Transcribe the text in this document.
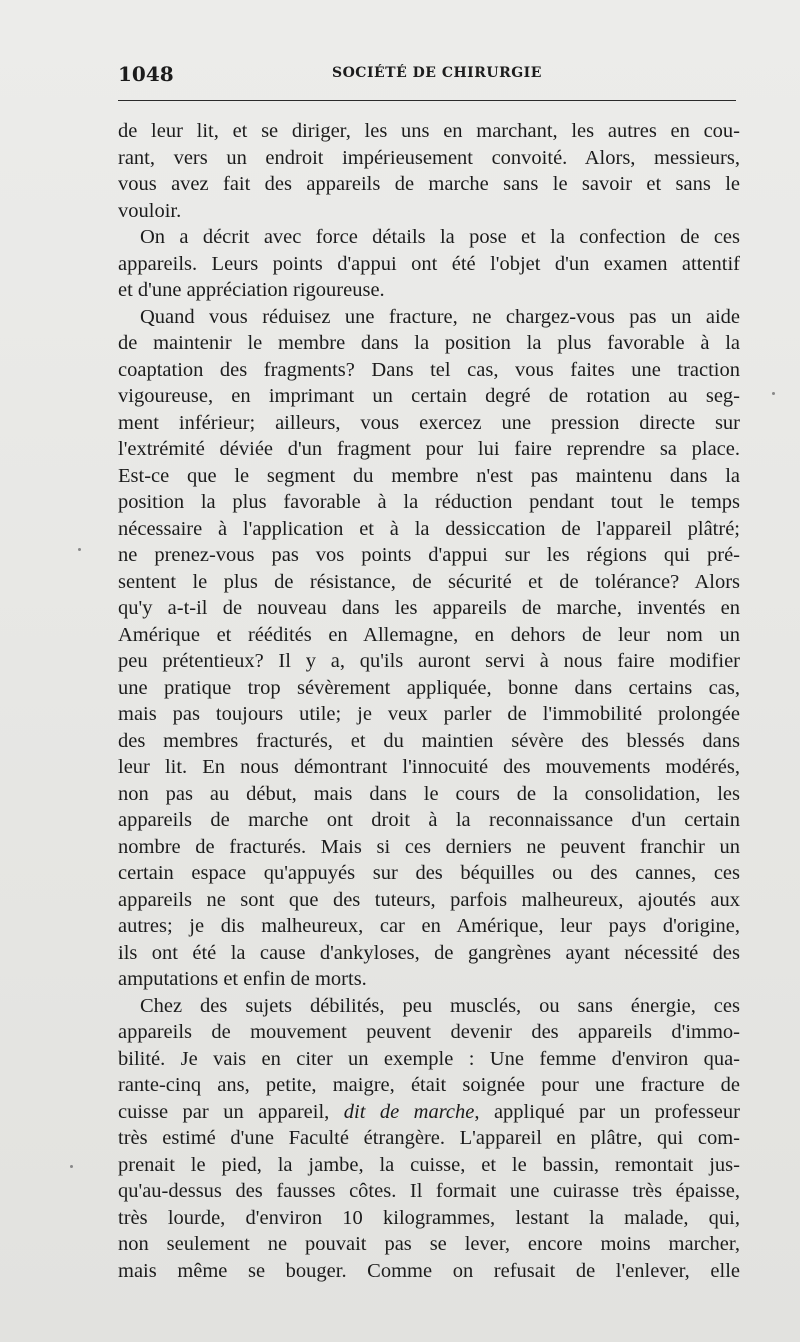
1048	SOCIÉTÉ DE CHIRURGIE
de leur lit, et se diriger, les uns en marchant, les autres en cou-
rant, vers un endroit impérieusement convoité. Alors, messieurs,
vous avez fait des appareils de marche sans le savoir et sans le
vouloir.
On a décrit avec force détails la pose et la confection de ces
appareils. Leurs points d'appui ont été l'objet d'un examen attentif
et d'une appréciation rigoureuse.
Quand vous réduisez une fracture, ne chargez-vous pas un aide
de maintenir le membre dans la position la plus favorable à la
coaptation des fragments? Dans tel cas, vous faites une traction
vigoureuse, en imprimant un certain degré de rotation au seg-
ment inférieur; ailleurs, vous exercez une pression directe sur
l'extrémité déviée d'un fragment pour lui faire reprendre sa place.
Est-ce que le segment du membre n'est pas maintenu dans la
position la plus favorable à la réduction pendant tout le temps
nécessaire à l'application et à la dessiccation de l'appareil plâtré;
ne prenez-vous pas vos points d'appui sur les régions qui pré-
sentent le plus de résistance, de sécurité et de tolérance? Alors
qu'y a-t-il de nouveau dans les appareils de marche, inventés en
Amérique et réédités en Allemagne, en dehors de leur nom un
peu prétentieux? Il y a, qu'ils auront servi à nous faire modifier
une pratique trop sévèrement appliquée, bonne dans certains cas,
mais pas toujours utile; je veux parler de l'immobilité prolongée
des membres fracturés, et du maintien sévère des blessés dans
leur lit. En nous démontrant l'innocuité des mouvements modérés,
non pas au début, mais dans le cours de la consolidation, les
appareils de marche ont droit à la reconnaissance d'un certain
nombre de fracturés. Mais si ces derniers ne peuvent franchir un
certain espace qu'appuyés sur des béquilles ou des cannes, ces
appareils ne sont que des tuteurs, parfois malheureux, ajoutés aux
autres; je dis malheureux, car en Amérique, leur pays d'origine,
ils ont été la cause d'ankyloses, de gangrènes ayant nécessité des
amputations et enfin de morts.
Chez des sujets débilités, peu musclés, ou sans énergie, ces
appareils de mouvement peuvent devenir des appareils d'immo-
bilité. Je vais en citer un exemple : Une femme d'environ qua-
rante-cinq ans, petite, maigre, était soignée pour une fracture de
cuisse par un appareil, dit de marche, appliqué par un professeur
très estimé d'une Faculté étrangère. L'appareil en plâtre, qui com-
prenait le pied, la jambe, la cuisse, et le bassin, remontait jus-
qu'au-dessus des fausses côtes. Il formait une cuirasse très épaisse,
très lourde, d'environ 10 kilogrammes, lestant la malade, qui,
non seulement ne pouvait pas se lever, encore moins marcher,
mais même se bouger. Comme on refusait de l'enlever, elle
